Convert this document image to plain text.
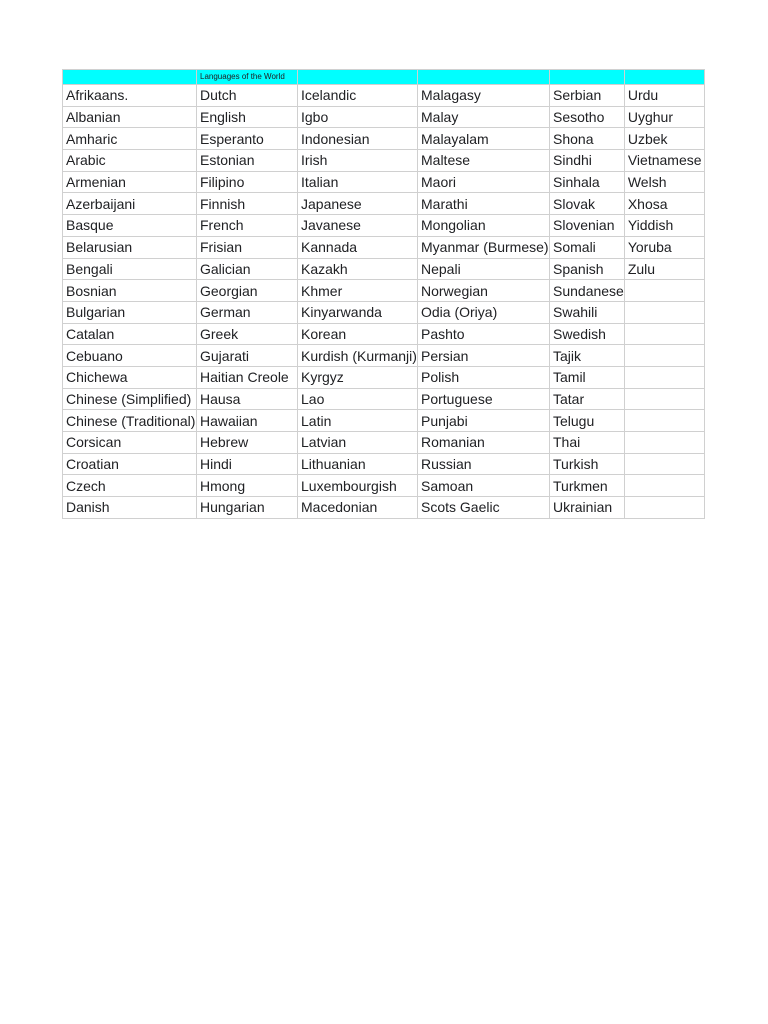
	Languages of the World				
Afrikaans.	Dutch	Icelandic	Malagasy	Serbian	Urdu
Albanian	English	Igbo	Malay	Sesotho	Uyghur
Amharic	Esperanto	Indonesian	Malayalam	Shona	Uzbek
Arabic	Estonian	Irish	Maltese	Sindhi	Vietnamese
Armenian	Filipino	Italian	Maori	Sinhala	Welsh
Azerbaijani	Finnish	Japanese	Marathi	Slovak	Xhosa
Basque	French	Javanese	Mongolian	Slovenian	Yiddish
Belarusian	Frisian	Kannada	Myanmar (Burmese)	Somali	Yoruba
Bengali	Galician	Kazakh	Nepali	Spanish	Zulu
Bosnian	Georgian	Khmer	Norwegian	Sundanese	
Bulgarian	German	Kinyarwanda	Odia (Oriya)	Swahili	
Catalan	Greek	Korean	Pashto	Swedish	
Cebuano	Gujarati	Kurdish (Kurmanji)	Persian	Tajik	
Chichewa	Haitian Creole	Kyrgyz	Polish	Tamil	
Chinese (Simplified)	Hausa	Lao	Portuguese	Tatar	
Chinese (Traditional)	Hawaiian	Latin	Punjabi	Telugu	
Corsican	Hebrew	Latvian	Romanian	Thai	
Croatian	Hindi	Lithuanian	Russian	Turkish	
Czech	Hmong	Luxembourgish	Samoan	Turkmen	
Danish	Hungarian	Macedonian	Scots Gaelic	Ukrainian	
